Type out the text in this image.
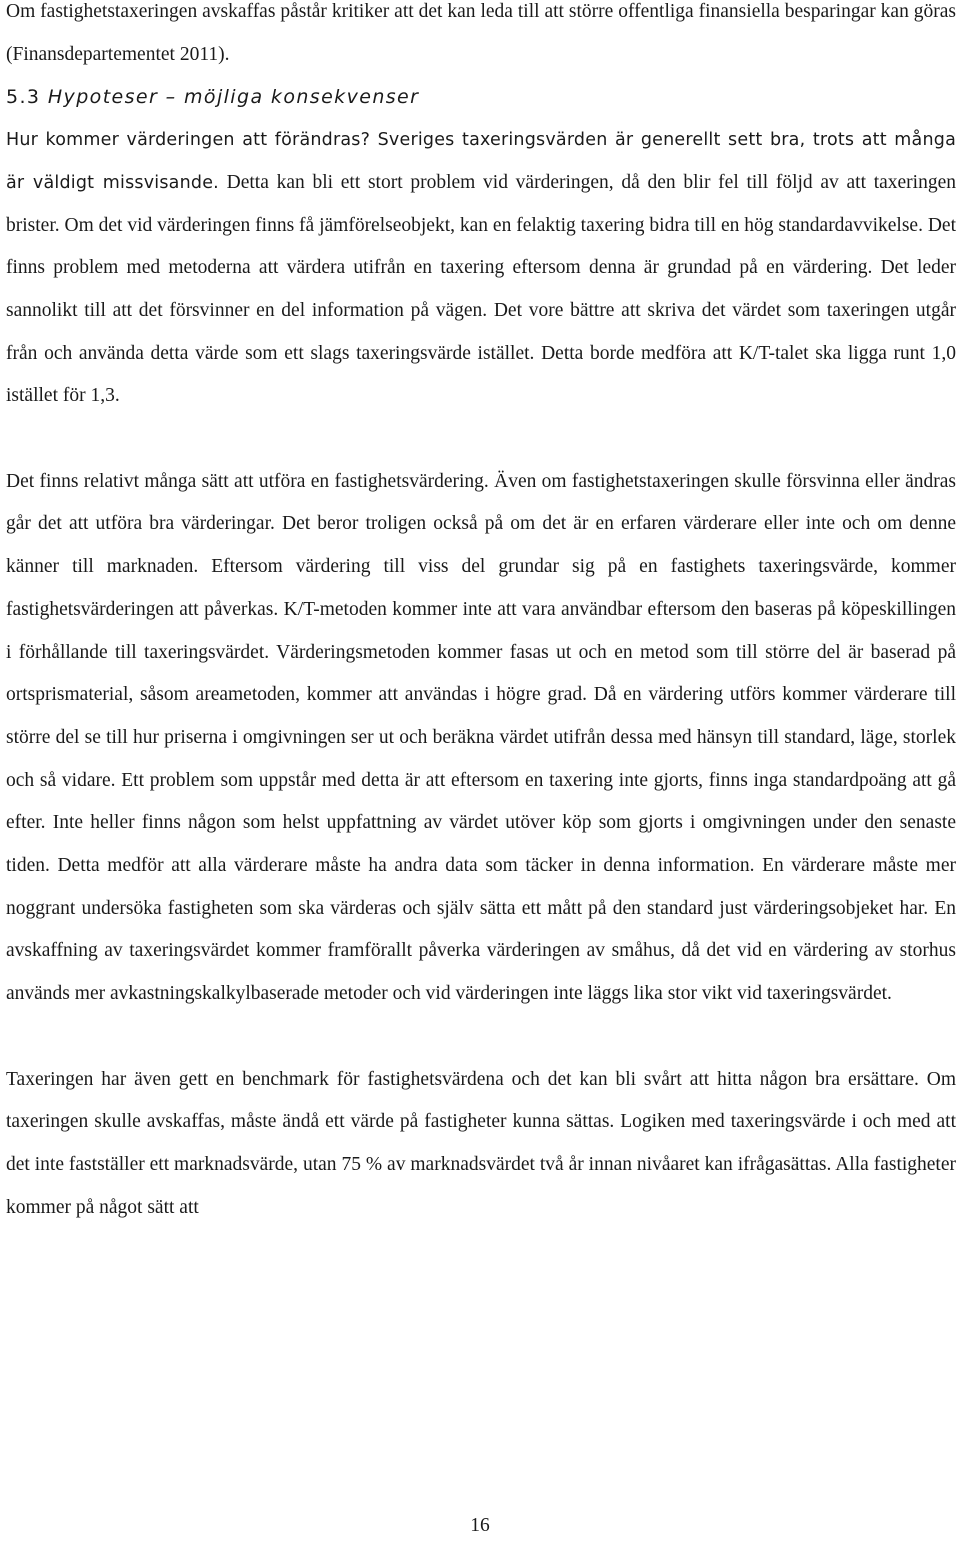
Om fastighetstaxeringen avskaffas påstår kritiker att det kan leda till att större offentliga finansiella besparingar kan göras (Finansdepartementet 2011).

5.3 Hypoteser – möjliga konsekvenser

Hur kommer värderingen att förändras? Sveriges taxeringsvärden är generellt sett bra, trots att många är väldigt missvisande. Detta kan bli ett stort problem vid värderingen, då den blir fel till följd av att taxeringen brister. Om det vid värderingen finns få jämförelseobjekt, kan en felaktig taxering bidra till en hög standardavvikelse. Det finns problem med metoderna att värdera utifrån en taxering eftersom denna är grundad på en värdering. Det leder sannolikt till att det försvinner en del information på vägen. Det vore bättre att skriva det värdet som taxeringen utgår från och använda detta värde som ett slags taxeringsvärde istället. Detta borde medföra att K/T-talet ska ligga runt 1,0 istället för 1,3.

Det finns relativt många sätt att utföra en fastighetsvärdering. Även om fastighetstaxeringen skulle försvinna eller ändras går det att utföra bra värderingar. Det beror troligen också på om det är en erfaren värderare eller inte och om denne känner till marknaden. Eftersom värdering till viss del grundar sig på en fastighets taxeringsvärde, kommer fastighetsvärderingen att påverkas. K/T-metoden kommer inte att vara användbar eftersom den baseras på köpeskillingen i förhållande till taxeringsvärdet. Värderingsmetoden kommer fasas ut och en metod som till större del är baserad på ortsprismaterial, såsom areametoden, kommer att användas i högre grad. Då en värdering utförs kommer värderare till större del se till hur priserna i omgivningen ser ut och beräkna värdet utifrån dessa med hänsyn till standard, läge, storlek och så vidare. Ett problem som uppstår med detta är att eftersom en taxering inte gjorts, finns inga standardpoäng att gå efter. Inte heller finns någon som helst uppfattning av värdet utöver köp som gjorts i omgivningen under den senaste tiden. Detta medför att alla värderare måste ha andra data som täcker in denna information. En värderare måste mer noggrant undersöka fastigheten som ska värderas och själv sätta ett mått på den standard just värderingsobjeket har. En avskaffning av taxeringsvärdet kommer framförallt påverka värderingen av småhus, då det vid en värdering av storhus används mer avkastningskalkylbaserade metoder och vid värderingen inte läggs lika stor vikt vid taxeringsvärdet.

Taxeringen har även gett en benchmark för fastighetsvärdena och det kan bli svårt att hitta någon bra ersättare. Om taxeringen skulle avskaffas, måste ändå ett värde på fastigheter kunna sättas. Logiken med taxeringsvärde i och med att det inte fastställer ett marknadsvärde, utan 75 % av marknadsvärdet två år innan nivåaret kan ifrågasättas. Alla fastigheter kommer på något sätt att

16
